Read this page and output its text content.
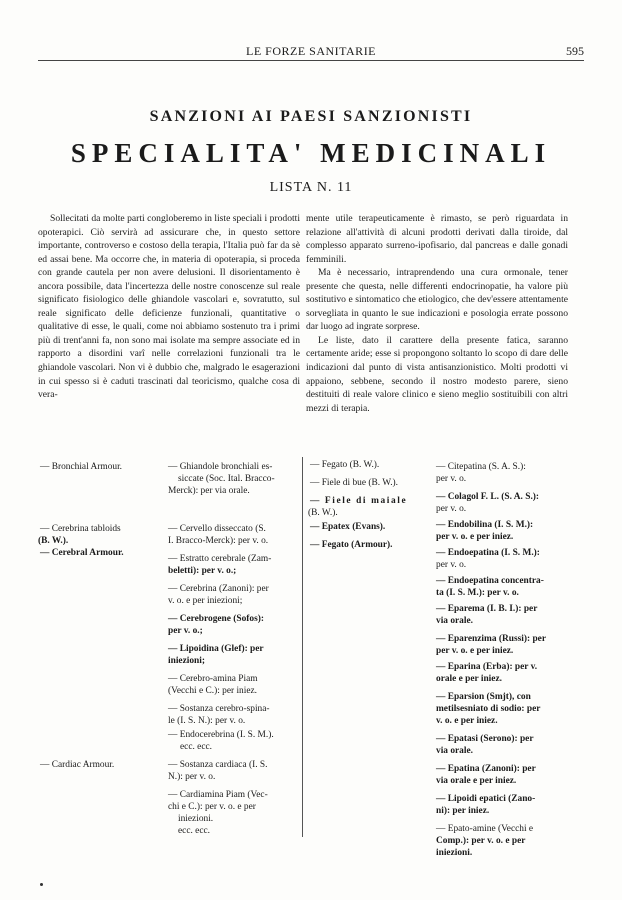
LE FORZE SANITARIE	595
SANZIONI AI PAESI SANZIONISTI
SPECIALITA' MEDICINALI
LISTA N. 11

Sollecitati da molte parti congloberemo in liste speciali i prodotti opoterapici. Ciò servirà ad assicurare che, in questo settore importante, controverso e costoso della terapia, l'Italia può far da sè ed assai bene. Ma occorre che, in materia di opoterapia, si proceda con grande cautela per non avere delusioni. Il disorientamento è ancora possibile, data l'incertezza delle nostre conoscenze sul reale significato fisiologico delle ghiandole vascolari e, sovratutto, sul reale significato delle deficienze funzionali, quantitative o qualitative di esse, le quali, come noi abbiamo sostenuto tra i primi più di trent'anni fa, non sono mai isolate ma sempre associate ed in rapporto a disordini varî nelle correlazioni funzionali tra le ghiandole vascolari. Non vi è dubbio che, malgrado le esagerazioni in cui spesso si è caduti trascinati dal teoricismo, qualche cosa di vera-

mente utile terapeuticamente è rimasto, se però riguardata in relazione all'attività di alcuni prodotti derivati dalla tiroide, dal complesso apparato surreno-ipofisario, dal pancreas e dalle gonadi femminili.

Ma è necessario, intraprendendo una cura ormonale, tener presente che questa, nelle differenti endocrinopatie, ha valore più sostitutivo e sintomatico che etiologico, che dev'essere attentamente sorvegliata in quanto le sue indicazioni e posologia errate possono dar luogo ad ingrate sorprese.

Le liste, dato il carattere della presente fatica, saranno certamente aride; esse si propongono soltanto lo scopo di dare delle indicazioni dal punto di vista antisanzionistico. Molti prodotti vi appaiono, sebbene, secondo il nostro modesto parere, sieno destituiti di reale valore clinico e sieno meglio sostituibili con altri mezzi di terapia.

— Bronchial Armour.
— Cerebrina tabloids
(B. W.).
— Cerebral Armour.
— Cardiac Armour.
— Ghiandole bronchiali es-
siccate (Soc. Ital. Bracco-
Merck): per via orale.
— Cervello disseccato (S.
I. Bracco-Merck): per v. o.
— Estratto cerebrale (Zam-
beletti): per v. o.;
— Cerebrina (Zanoni): per
v. o. e per iniezioni;
— Cerebrogene (Sofos):
per v. o.;
— Lipoidina (Glef): per
iniezioni;
— Cerebro-amina Piam
(Vecchi e C.): per iniez.
— Sostanza cerebro-spina-
le (I. S. N.): per v. o.
— Endocerebrina (I. S. M.).
ecc. ecc.
— Sostanza cardiaca (I. S.
N.): per v. o.
— Cardiamina Piam (Vec-
chi e C.): per v. o. e per
iniezioni.
ecc. ecc.
— Fegato (B. W.).
— Fiele di bue (B. W.).
— Fiele di maiale
(B. W.).
— Epatex (Evans).
— Fegato (Armour).
— Citepatina (S. A. S.):
per v. o.
— Colagol F. L. (S. A. S.):
per v. o.
— Endobilina (I. S. M.):
per v. o. e per iniez.
— Endoepatina (I. S. M.):
per v. o.
— Endoepatina concentra-
ta (I. S. M.): per v. o.
— Eparema (I. B. I.): per
via orale.
— Eparenzima (Russi): per
per v. o. e per iniez.
— Eparina (Erba): per v.
orale e per iniez.
— Eparsion (Smjt), con
metilsesniato di sodio: per
v. o. e per iniez.
— Epatasi (Serono): per
via orale.
— Epatina (Zanoni): per
via orale e per iniez.
— Lipoidi epatici (Zano-
ni): per iniez.
— Epato-amine (Vecchi e
Comp.): per v. o. e per
iniezioni.
